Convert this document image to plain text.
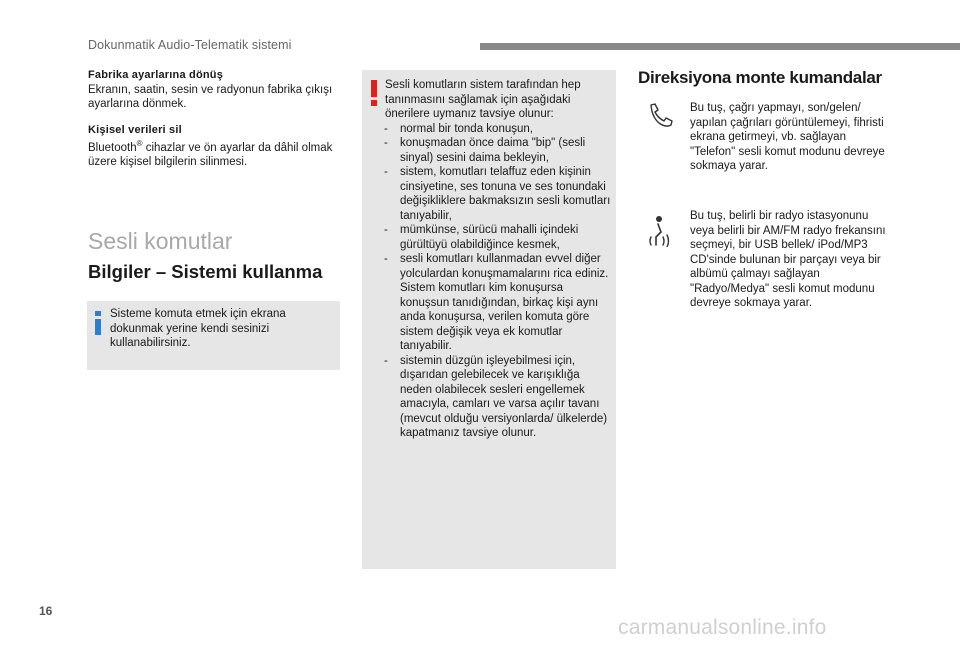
Dokunmatik Audio-Telematik sistemi
Fabrika ayarlarına dönüş

Ekranın, saatin, sesin ve radyonun fabrika çıkışı ayarlarına dönmek.

Kişisel verileri sil

Bluetooth® cihazlar ve ön ayarlar da dâhil olmak üzere kişisel bilgilerin silinmesi.

Sesli komutlar
Bilgiler – Sistemi kullanma
Sisteme komuta etmek için ekrana dokunmak yerine kendi sesinizi kullanabilirsiniz.
Sesli komutların sistem tarafından hep tanınmasını sağlamak için aşağıdaki önerilere uymanız tavsiye olunur:
- normal bir tonda konuşun,
- konuşmadan önce daima "bip" (sesli sinyal) sesini daima bekleyin,
- sistem, komutları telaffuz eden kişinin cinsiyetine, ses tonuna ve ses tonundaki değişikliklere bakmaksızın sesli komutları tanıyabilir,
- mümkünse, sürücü mahalli içindeki gürültüyü olabildiğince kesmek,
- sesli komutları kullanmadan evvel diğer yolculardan konuşmamalarını rica ediniz. Sistem komutları kim konuşursa konuşsun tanıdığından, birkaç kişi aynı anda konuşursa, verilen komuta göre sistem değişik veya ek komutlar tanıyabilir.
- sistemin düzgün işleyebilmesi için, dışarıdan gelebilecek ve karışıklığa neden olabilecek sesleri engellemek amacıyla, camları ve varsa açılır tavanı (mevcut olduğu versiyonlarda/ ülkelerde) kapatmanız tavsiye olunur.
Direksiyona monte kumandalar
Bu tuş, çağrı yapmayı, son/gelen/ yapılan çağrıları görüntülemeyi, fihristi ekrana getirmeyi, vb. sağlayan "Telefon" sesli komut modunu devreye sokmaya yarar.
Bu tuş, belirli bir radyo istasyonunu veya belirli bir AM/FM radyo frekansını seçmeyi, bir USB bellek/ iPod/MP3 CD'sinde bulunan bir parçayı veya bir albümü çalmayı sağlayan "Radyo/Medya" sesli komut modunu devreye sokmaya yarar.
16
carmanualsonline.info
